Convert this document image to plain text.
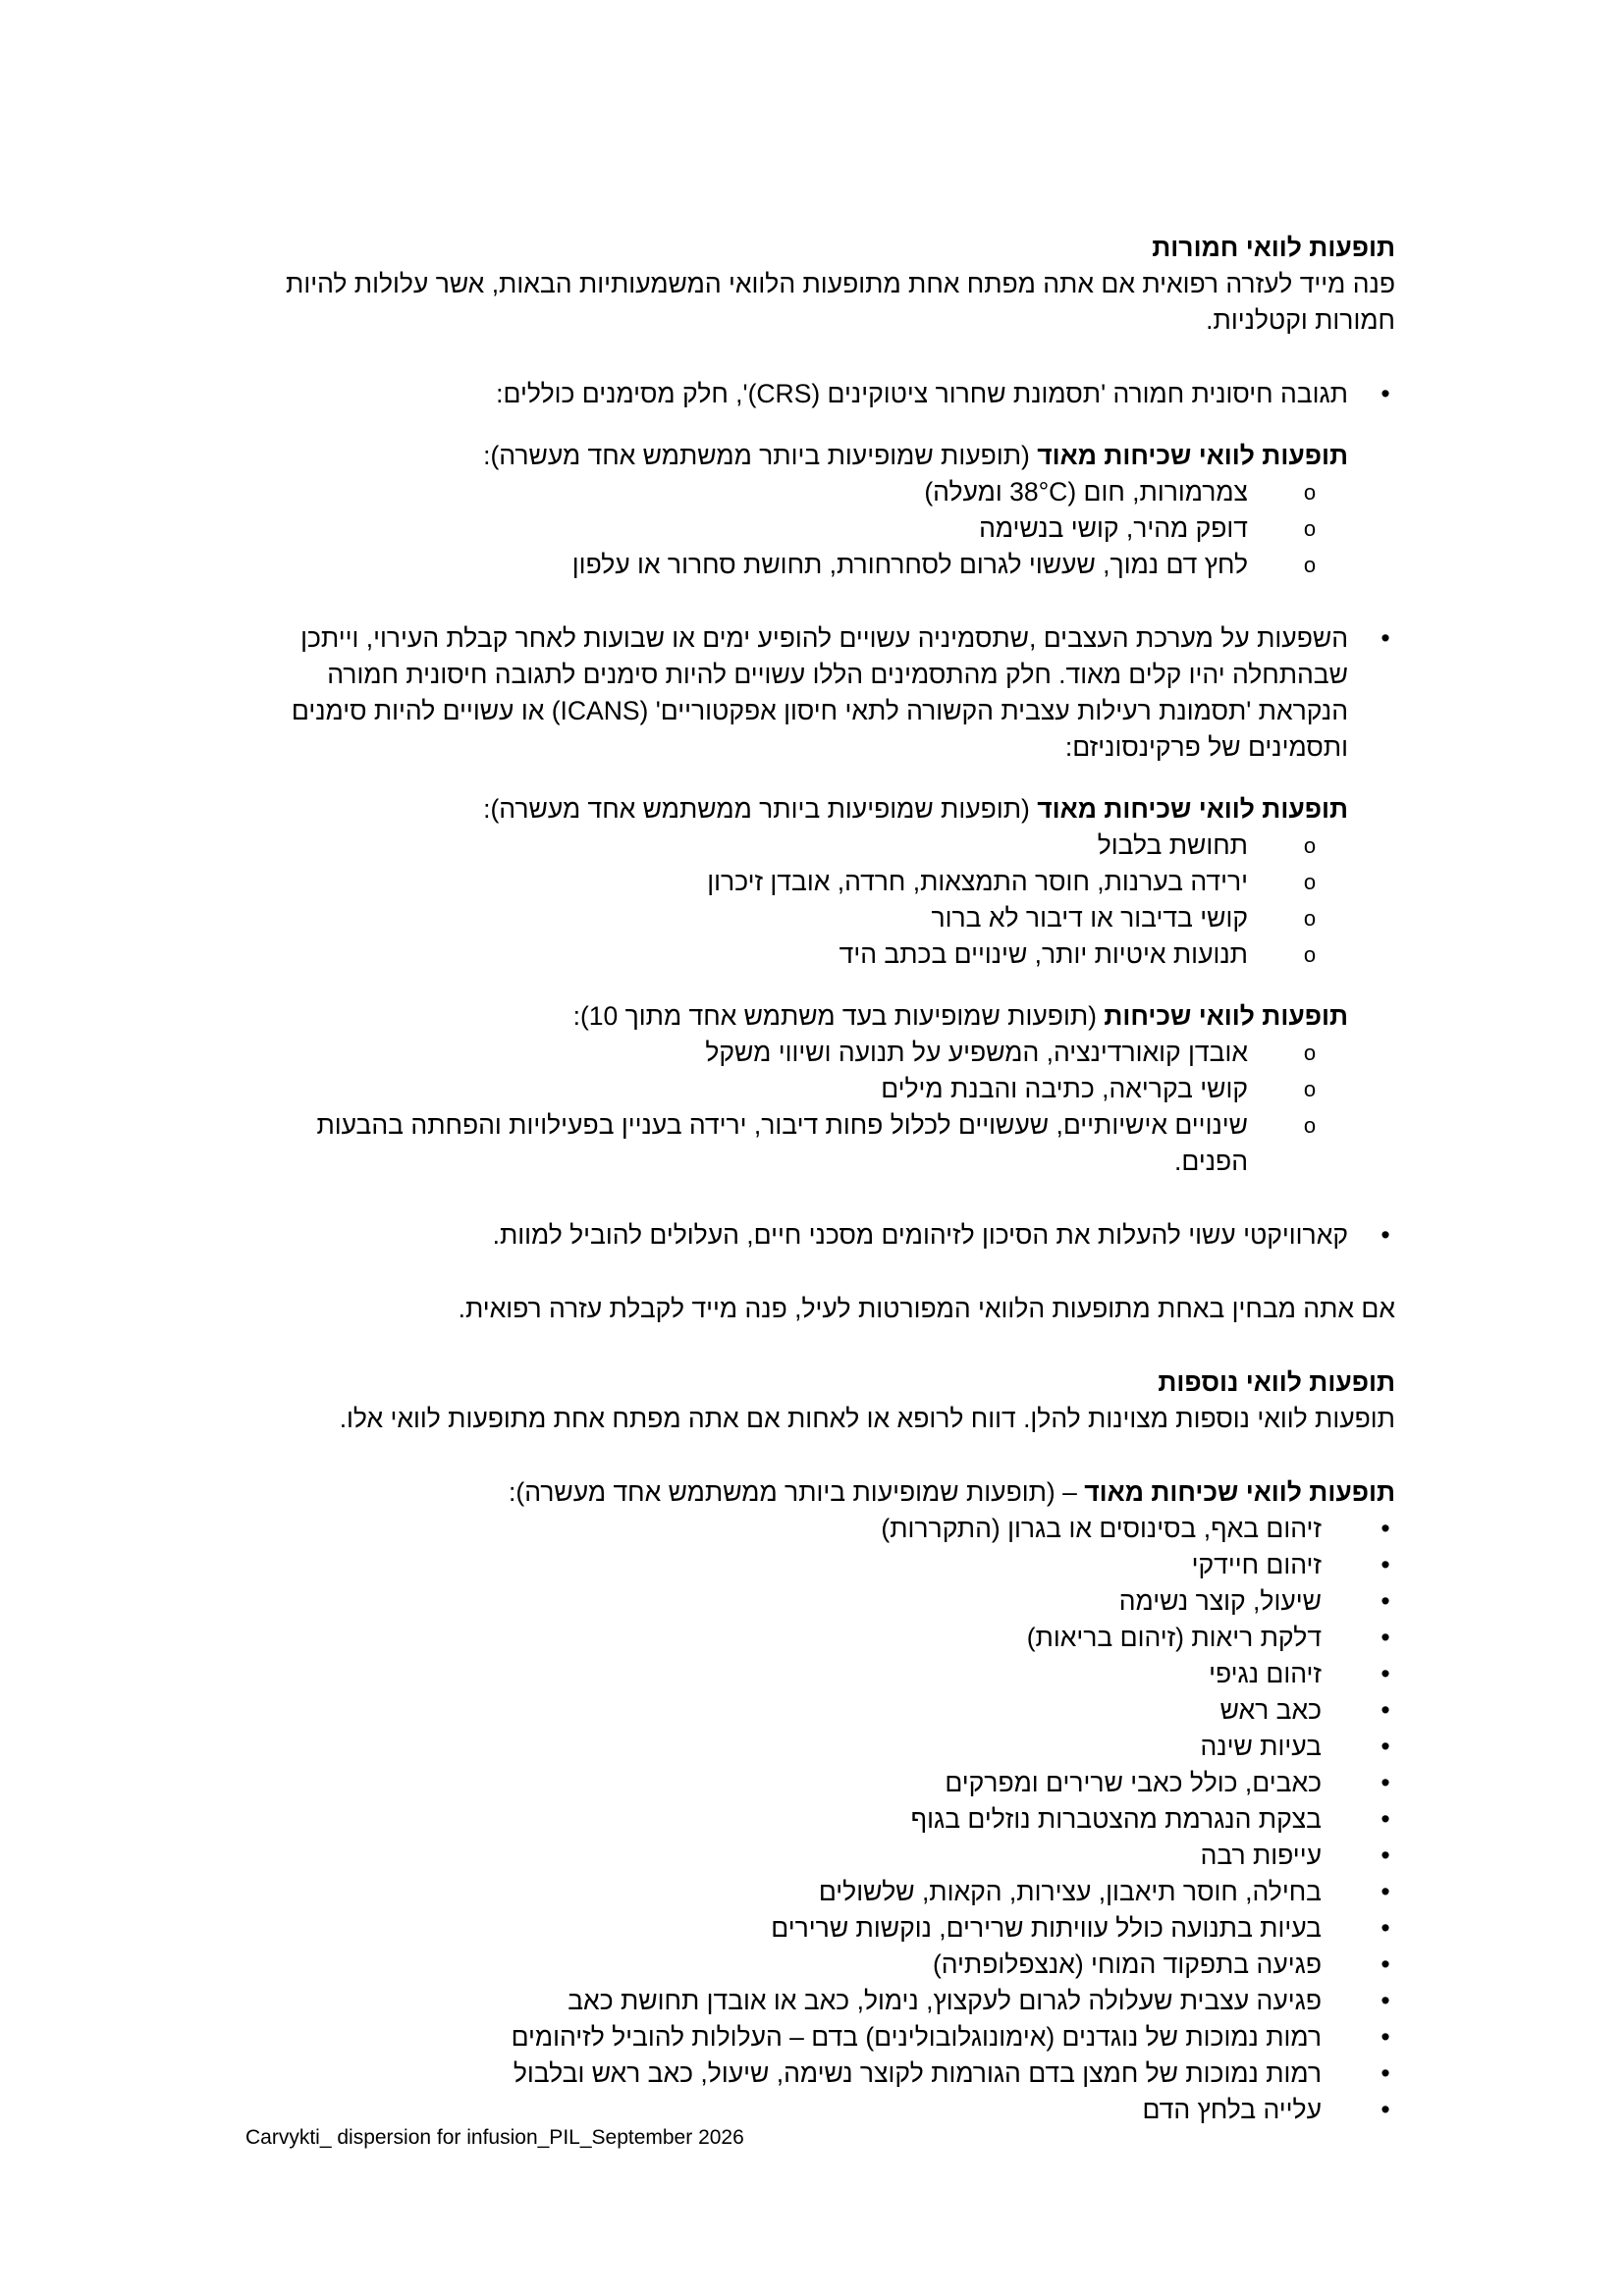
תופעות לוואי חמורות

פנה מייד לעזרה רפואית אם אתה מפתח אחת מתופעות הלוואי המשמעותיות הבאות, אשר עלולות להיות חמורות וקטלניות.

•
תגובה חיסונית חמורה 'תסמונת שחרור ציטוקינים (CRS)', חלק מסימנים כוללים:

תופעות לוואי שכיחות מאוד (תופעות שמופיעות ביותר ממשתמש אחד מעשרה):

o
צמרמורות, חום (38°C ומעלה)
o
דופק מהיר, קושי בנשימה
o
לחץ דם נמוך, שעשוי לגרום לסחרחורת, תחושת סחרור או עלפון
•
השפעות על מערכת העצבים ,שתסמיניה עשויים להופיע ימים או שבועות לאחר קבלת העירוי, וייתכן שבהתחלה יהיו קלים מאוד. חלק מהתסמינים הללו עשויים להיות סימנים לתגובה חיסונית חמורה הנקראת 'תסמונת רעילות עצבית הקשורה לתאי חיסון אפקטוריים' (ICANS) או עשויים להיות סימנים ותסמינים של פרקינסוניזם:

תופעות לוואי שכיחות מאוד (תופעות שמופיעות ביותר ממשתמש אחד מעשרה):

o
תחושת בלבול
o
ירידה בערנות, חוסר התמצאות, חרדה, אובדן זיכרון
o
קושי בדיבור או דיבור לא ברור
o
תנועות איטיות יותר, שינויים בכתב היד

תופעות לוואי שכיחות (תופעות שמופיעות בעד משתמש אחד מתוך 10):

o
אובדן קואורדינציה, המשפיע על תנועה ושיווי משקל
o
קושי בקריאה, כתיבה והבנת מילים
o
שינויים אישיותיים, שעשויים לכלול פחות דיבור, ירידה בעניין בפעילויות והפחתה בהבעות הפנים.
•
קארוויקטי עשוי להעלות את הסיכון לזיהומים מסכני חיים, העלולים להוביל למוות.

אם אתה מבחין באחת מתופעות הלוואי המפורטות לעיל, פנה מייד לקבלת עזרה רפואית.

תופעות לוואי נוספות

תופעות לוואי נוספות מצוינות להלן. דווח לרופא או לאחות אם אתה מפתח אחת מתופעות לוואי אלו.

תופעות לוואי שכיחות מאוד – (תופעות שמופיעות ביותר ממשתמש אחד מעשרה):

•
זיהום באף, בסינוסים או בגרון (התקררות)
•
זיהום חיידקי
•
שיעול, קוצר נשימה
•
דלקת ריאות (זיהום בריאות)
•
זיהום נגיפי
•
כאב ראש
•
בעיות שינה
•
כאבים, כולל כאבי שרירים ומפרקים
•
בצקת הנגרמת מהצטברות נוזלים בגוף
•
עייפות רבה
•
בחילה, חוסר תיאבון, עצירות, הקאות, שלשולים
•
בעיות בתנועה כולל עוויתות שרירים, נוקשות שרירים
•
פגיעה בתפקוד המוחי (אנצפלופתיה)
•
פגיעה עצבית שעלולה לגרום לעקצוץ, נימול, כאב או אובדן תחושת כאב
•
רמות נמוכות של נוגדנים (אימונוגלובולינים) בדם – העלולות להוביל לזיהומים
•
רמות נמוכות של חמצן בדם הגורמות לקוצר נשימה, שיעול, כאב ראש ובלבול
•
עלייה בלחץ הדם
Carvykti_ dispersion for infusion_PIL_September 2026
